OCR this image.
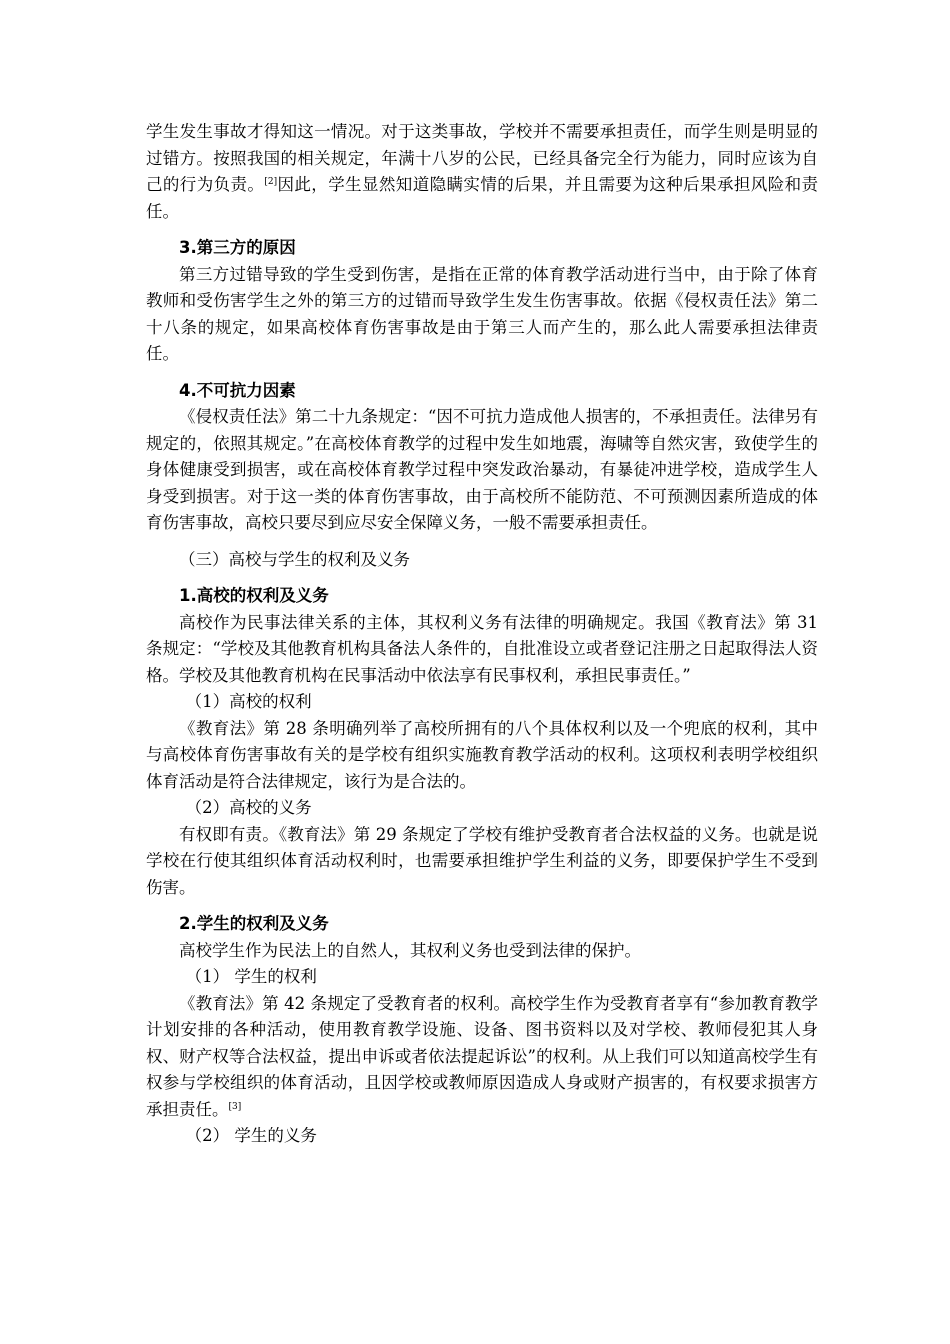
学生发生事故才得知这一情况。对于这类事故，学校并不需要承担责任，而学生则是明显的过错方。按照我国的相关规定，年满十八岁的公民，已经具备完全行为能力，同时应该为自己的行为负责。[2]因此，学生显然知道隐瞒实情的后果，并且需要为这种后果承担风险和责任。

3.第三方的原因

第三方过错导致的学生受到伤害，是指在正常的体育教学活动进行当中，由于除了体育教师和受伤害学生之外的第三方的过错而导致学生发生伤害事故。依据《侵权责任法》第二十八条的规定，如果高校体育伤害事故是由于第三人而产生的，那么此人需要承担法律责任。

4.不可抗力因素

《侵权责任法》第二十九条规定：“因不可抗力造成他人损害的，不承担责任。法律另有规定的，依照其规定。”在高校体育教学的过程中发生如地震，海啸等自然灾害，致使学生的身体健康受到损害，或在高校体育教学过程中突发政治暴动，有暴徒冲进学校，造成学生人身受到损害。对于这一类的体育伤害事故，由于高校所不能防范、不可预测因素所造成的体育伤害事故，高校只要尽到应尽安全保障义务，一般不需要承担责任。

（三）高校与学生的权利及义务

1.高校的权利及义务

高校作为民事法律关系的主体，其权利义务有法律的明确规定。我国《教育法》第 31 条规定：“学校及其他教育机构具备法人条件的，自批准设立或者登记注册之日起取得法人资格。学校及其他教育机构在民事活动中依法享有民事权利，承担民事责任。”

（1）高校的权利

《教育法》第 28 条明确列举了高校所拥有的八个具体权利以及一个兜底的权利，其中与高校体育伤害事故有关的是学校有组织实施教育教学活动的权利。这项权利表明学校组织体育活动是符合法律规定，该行为是合法的。

（2）高校的义务

有权即有责。《教育法》第 29 条规定了学校有维护受教育者合法权益的义务。也就是说学校在行使其组织体育活动权利时，也需要承担维护学生利益的义务，即要保护学生不受到伤害。

2.学生的权利及义务

高校学生作为民法上的自然人，其权利义务也受到法律的保护。

（1） 学生的权利

《教育法》第 42 条规定了受教育者的权利。高校学生作为受教育者享有“参加教育教学计划安排的各种活动，使用教育教学设施、设备、图书资料以及对学校、教师侵犯其人身权、财产权等合法权益，提出申诉或者依法提起诉讼”的权利。从上我们可以知道高校学生有权参与学校组织的体育活动，且因学校或教师原因造成人身或财产损害的，有权要求损害方承担责任。[3]

（2） 学生的义务
